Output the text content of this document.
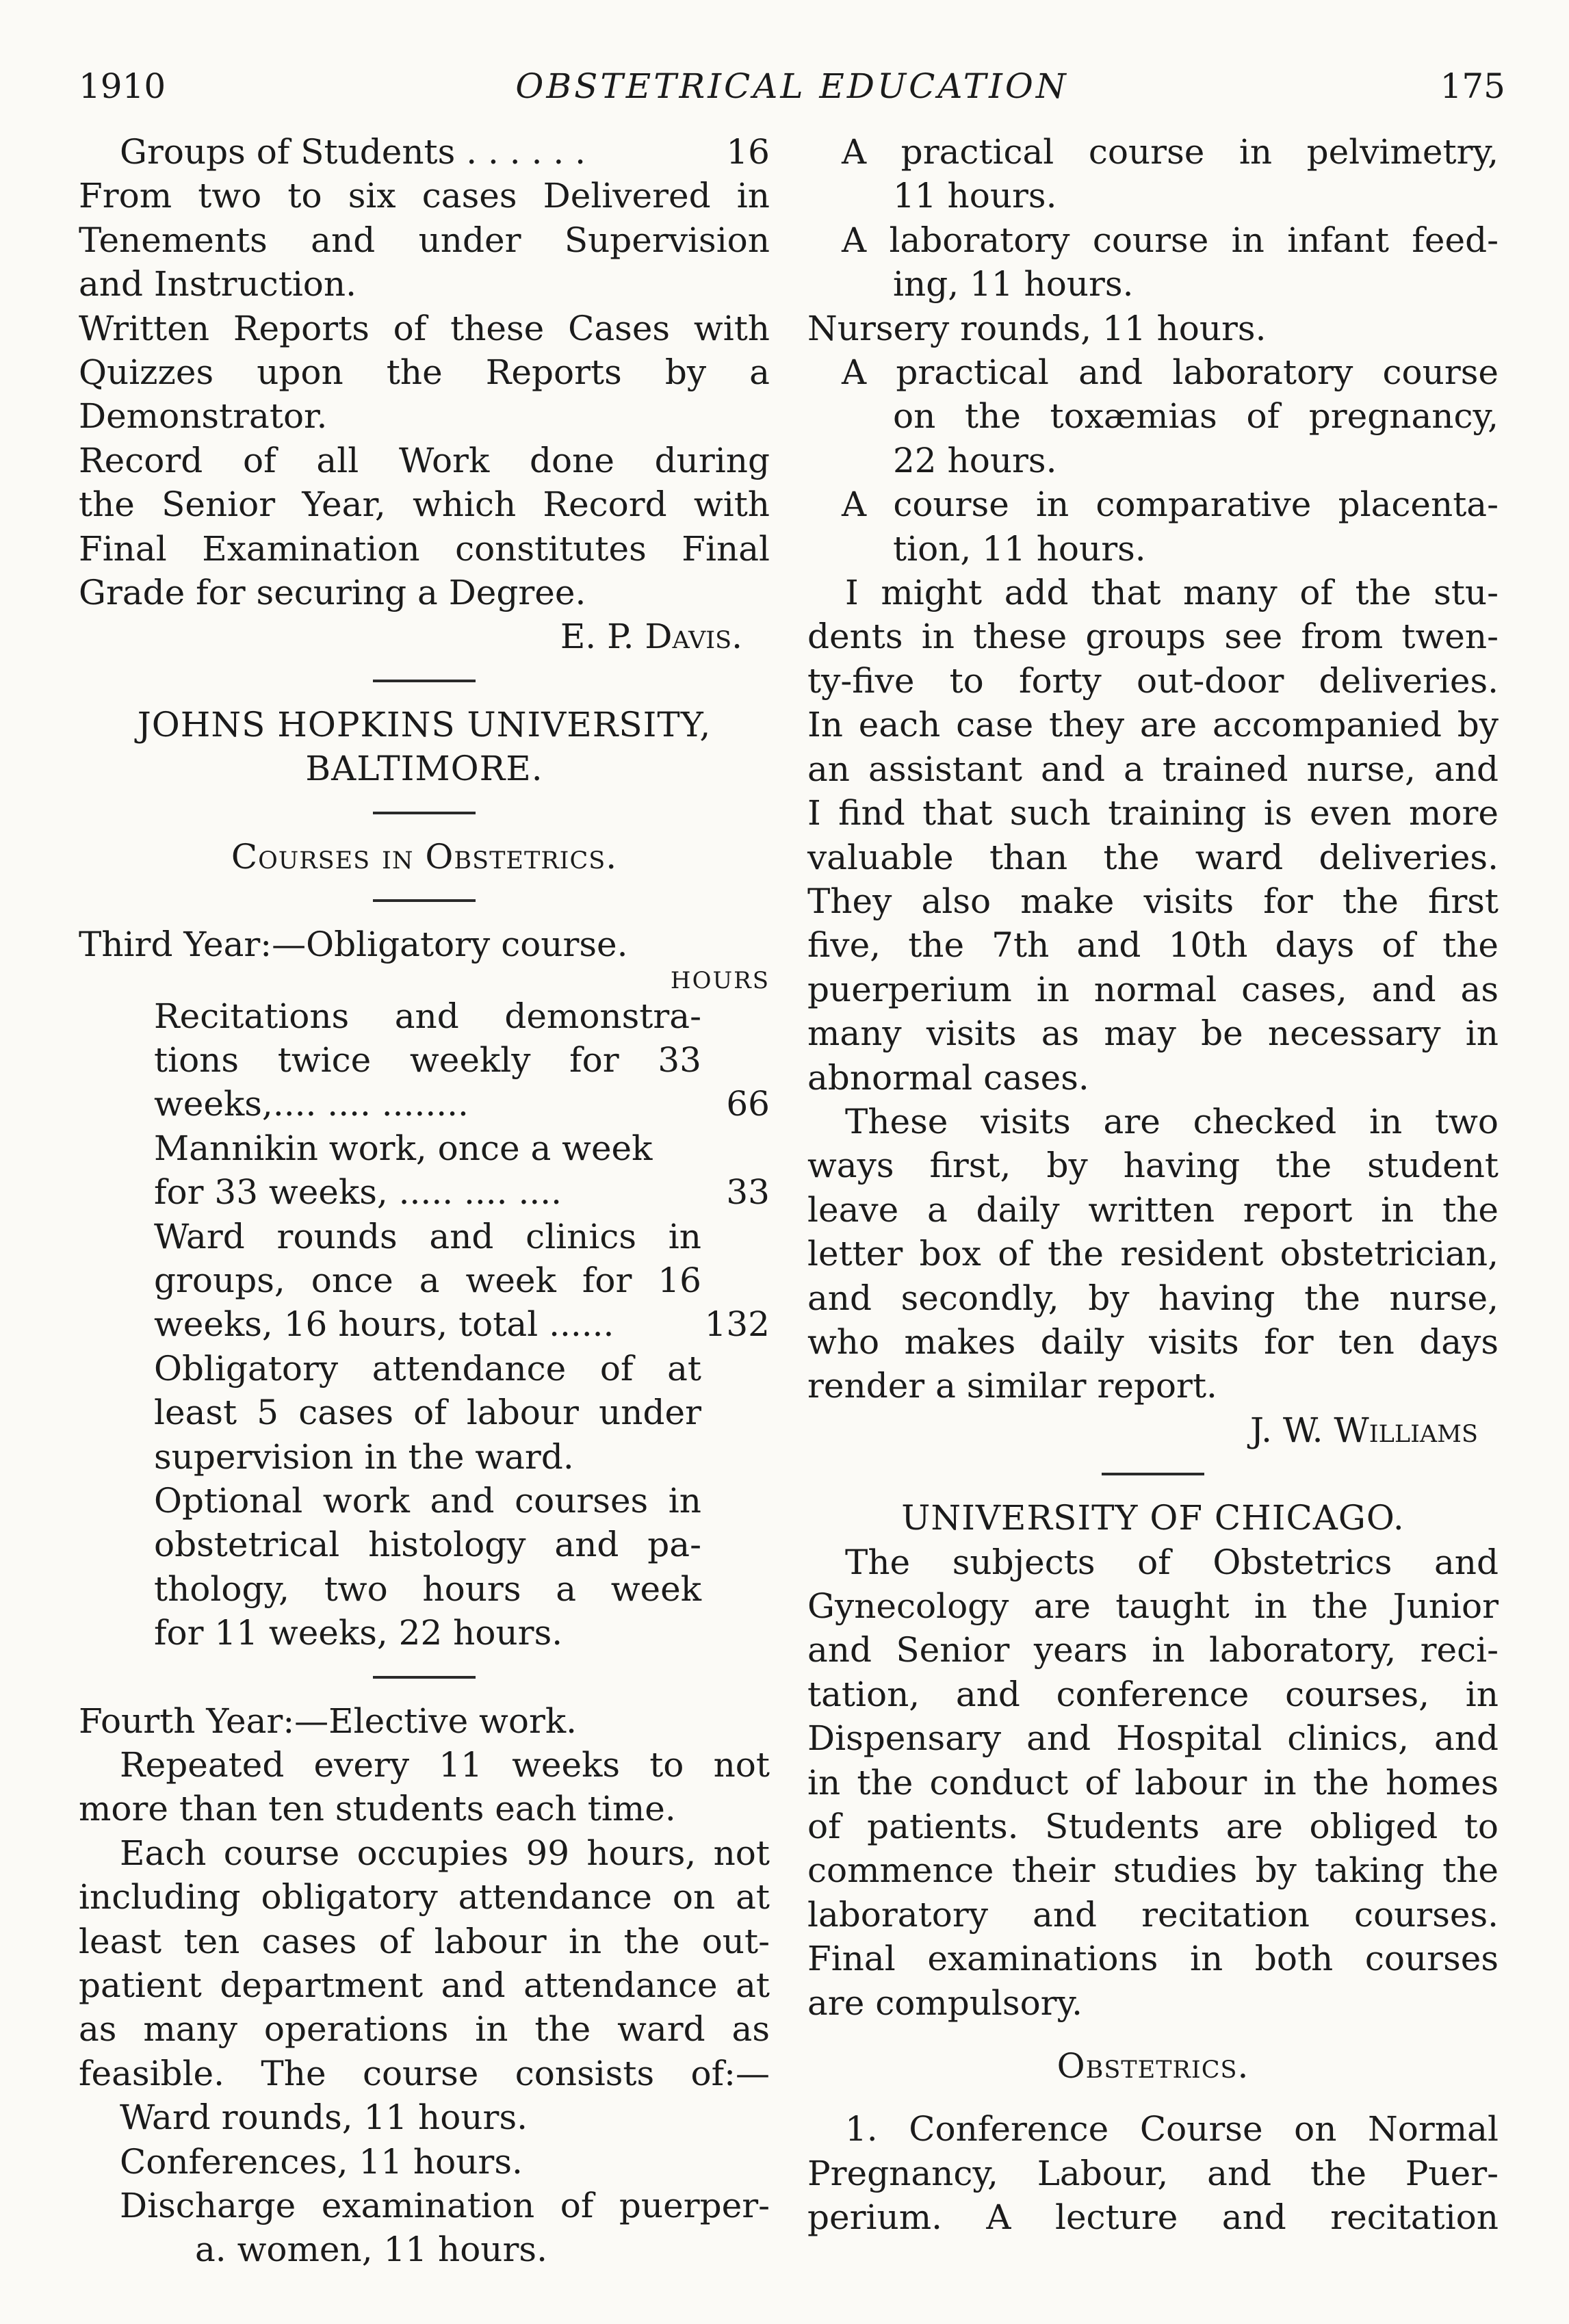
1910	OBSTETRICAL EDUCATION	175
Groups of Students . . . . . .	16
From two to six cases Delivered in
Tenements and under Supervision
and Instruction.
Written Reports of these Cases with
Quizzes upon the Reports by a
Demonstrator.
Record of all Work done during
the Senior Year, which Record with
Final Examination constitutes Final
Grade for securing a Degree.
E. P. Davis.
JOHNS HOPKINS UNIVERSITY,
BALTIMORE.
Courses in Obstetrics.
Third Year:—Obligatory course.
HOURS
Recitations and demonstra-
tions twice weekly for 33
weeks,.... .... ........	66
Mannikin work, once a week
for 33 weeks, ..... .... ....	33
Ward rounds and clinics in
groups, once a week for 16
weeks, 16 hours, total ......	132
Obligatory attendance of at
least 5 cases of labour under
supervision in the ward.
Optional work and courses in
obstetrical histology and pa-
thology, two hours a week
for 11 weeks, 22 hours.
Fourth Year:—Elective work.
Repeated every 11 weeks to not
more than ten students each time.
Each course occupies 99 hours, not
including obligatory attendance on at
least ten cases of labour in the out-
patient department and attendance at
as many operations in the ward as
feasible. The course consists of:—
Ward rounds, 11 hours.
Conferences, 11 hours.
Discharge examination of puerper-
a. women, 11 hours.
A practical course in pelvimetry,
11 hours.
A laboratory course in infant feed-
ing, 11 hours.
Nursery rounds, 11 hours.
A practical and laboratory course
on the toxæmias of pregnancy,
22 hours.
A course in comparative placenta-
tion, 11 hours.
I might add that many of the stu-
dents in these groups see from twen-
ty-five to forty out-door deliveries.
In each case they are accompanied by
an assistant and a trained nurse, and
I find that such training is even more
valuable than the ward deliveries.
They also make visits for the first
five, the 7th and 10th days of the
puerperium in normal cases, and as
many visits as may be necessary in
abnormal cases.
These visits are checked in two
ways first, by having the student
leave a daily written report in the
letter box of the resident obstetrician,
and secondly, by having the nurse,
who makes daily visits for ten days
render a similar report.
J. W. Williams
UNIVERSITY OF CHICAGO.
The subjects of Obstetrics and
Gynecology are taught in the Junior
and Senior years in laboratory, reci-
tation, and conference courses, in
Dispensary and Hospital clinics, and
in the conduct of labour in the homes
of patients. Students are obliged to
commence their studies by taking the
laboratory and recitation courses.
Final examinations in both courses
are compulsory.
Obstetrics.
1. Conference Course on Normal
Pregnancy, Labour, and the Puer-
perium. A lecture and recitation
